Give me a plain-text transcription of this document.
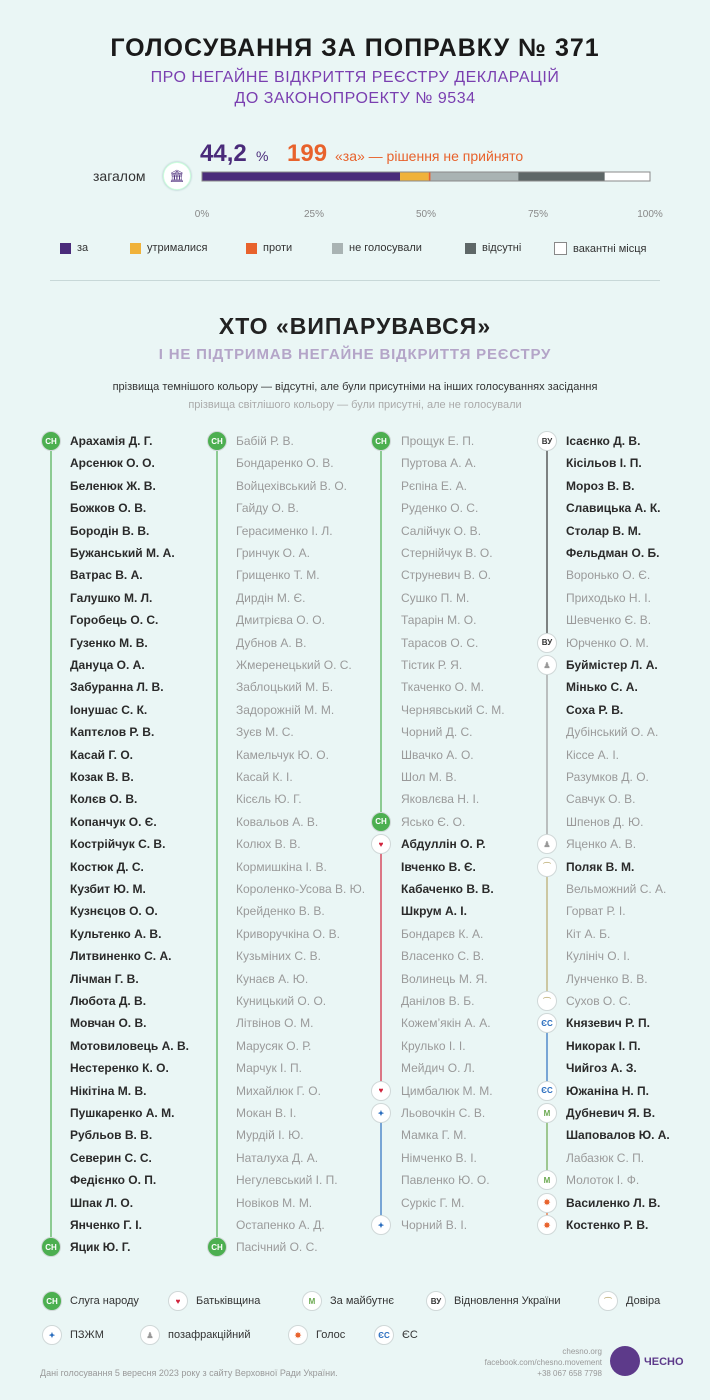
ГОЛОСУВАННЯ ЗА ПОПРАВКУ № 371
ПРО НЕГАЙНЕ ВІДКРИТТЯ РЕЄСТРУ ДЕКЛАРАЦІЙ
ДО ЗАКОНОПРОЕКТУ № 9534
44,2 % 199 «за» — рішення не прийнято
загалом	🏛
0%	25%	50%	75%	100%
за	утрималися	проти	не голосували	відсутні	вакантні місця
ХТО «ВИПАРУВАВСЯ»
І НЕ ПІДТРИМАВ НЕГАЙНЕ ВІДКРИТТЯ РЕЄСТРУ
прізвища темнішого кольору — відсутні, але були присутніми на інших голосуваннях засідання
прізвища світлішого кольору — були присутні, але не голосували
Арахамія Д. Г.
Арсенюк О. О.
Беленюк Ж. В.
Божков О. В.
Бородін В. В.
Бужанський М. А.
Ватрас В. А.
Галушко М. Л.
Горобець О. С.
Гузенко М. В.
Дануца О. А.
Забуранна Л. В.
Іонушас С. К.
Каптєлов Р. В.
Касай Г. О.
Козак В. В.
Колєв О. В.
Копанчук О. Є.
Кострійчук С. В.
Костюк Д. С.
Кузбит Ю. М.
Кузнєцов О. О.
Культенко А. В.
Литвиненко С. А.
Лічман Г. В.
Любота Д. В.
Мовчан О. В.
Мотовиловець А. В.
Нестеренко К. О.
Нікітіна М. В.
Пушкаренко А. М.
Рубльов В. В.
Северин С. С.
Федієнко О. П.
Шпак Л. О.
Янченко Г. І.
Яцик Ю. Г.
СН
СН
Бабій Р. В.
Бондаренко О. В.
Войцехівський В. О.
Гайду О. В.
Герасименко І. Л.
Гринчук О. А.
Грищенко Т. М.
Дирдін М. Є.
Дмитрієва О. О.
Дубнов А. В.
Жмеренецький О. С.
Заблоцький М. Б.
Задорожній М. М.
Зуєв М. С.
Камельчук Ю. О.
Касай К. І.
Кісєль Ю. Г.
Ковальов А. В.
Колюх В. В.
Кормишкіна І. В.
Короленко-Усова В. Ю.
Крейденко В. В.
Криворучкіна О. В.
Кузьміних С. В.
Кунаєв А. Ю.
Куницький О. О.
Літвінов О. М.
Марусяк О. Р.
Марчук І. П.
Михайлюк Г. О.
Мокан В. І.
Мурдій І. Ю.
Наталуха Д. А.
Негулевський І. П.
Новіков М. М.
Остапенко А. Д.
Пасічний О. С.
СН
СН
Прощук Е. П.
Пуртова А. А.
Рєпіна Е. А.
Руденко О. С.
Салійчук О. В.
Стернійчук В. О.
Струневич В. О.
Сушко П. М.
Тарарін М. О.
Тарасов О. С.
Тістик Р. Я.
Ткаченко О. М.
Чернявський С. М.
Чорний Д. С.
Швачко А. О.
Шол М. В.
Яковлєва Н. І.
Ясько Є. О.
Абдуллін О. Р.
Івченко В. Є.
Кабаченко В. В.
Шкрум А. І.
Бондарєв К. А.
Власенко С. В.
Волинець М. Я.
Данілов В. Б.
Кожем’якін А. А.
Крулько І. І.
Мейдич О. Л.
Цимбалюк М. М.
Льовочкін С. В.
Мамка Г. М.
Німченко В. І.
Павленко Ю. О.
Суркіс Г. М.
Чорний В. І.
СН
СН
♥
♥
✦
✦
Ісаєнко Д. В.
Кісільов І. П.
Мороз В. В.
Славицька А. К.
Столар В. М.
Фельдман О. Б.
Воронько О. Є.
Приходько Н. І.
Шевченко Є. В.
Юрченко О. М.
Буймістер Л. А.
Мінько С. А.
Соха Р. В.
Дубінський О. А.
Кіссе А. І.
Разумков Д. О.
Савчук О. В.
Шпенов Д. Ю.
Яценко А. В.
Поляк В. М.
Вельможний С. А.
Горват Р. І.
Кіт А. Б.
Кулініч О. І.
Лунченко В. В.
Сухов О. С.
Князевич Р. П.
Никорак І. П.
Чийгоз А. З.
Южаніна Н. П.
Дубневич Я. В.
Шаповалов Ю. А.
Лабазюк С. П.
Молоток І. Ф.
Василенко Л. В.
Костенко Р. В.
ВУ
ВУ
♟
♟
⌒
⌒
ЄС
ЄС
М
М
✸
✸
СН	Слуга народу	♥	Батьківщина	М	За майбутнє	ВУ	Відновлення України	⌒	Довіра
✦	ПЗЖМ	♟	позафракційний	✸	Голос	ЄС	ЄС
Дані голосування 5 вересня 2023 року з сайту Верховної Ради України.
chesno.org
facebook.com/chesno.movement
+38 067 658 7798
ЧЕСНО
